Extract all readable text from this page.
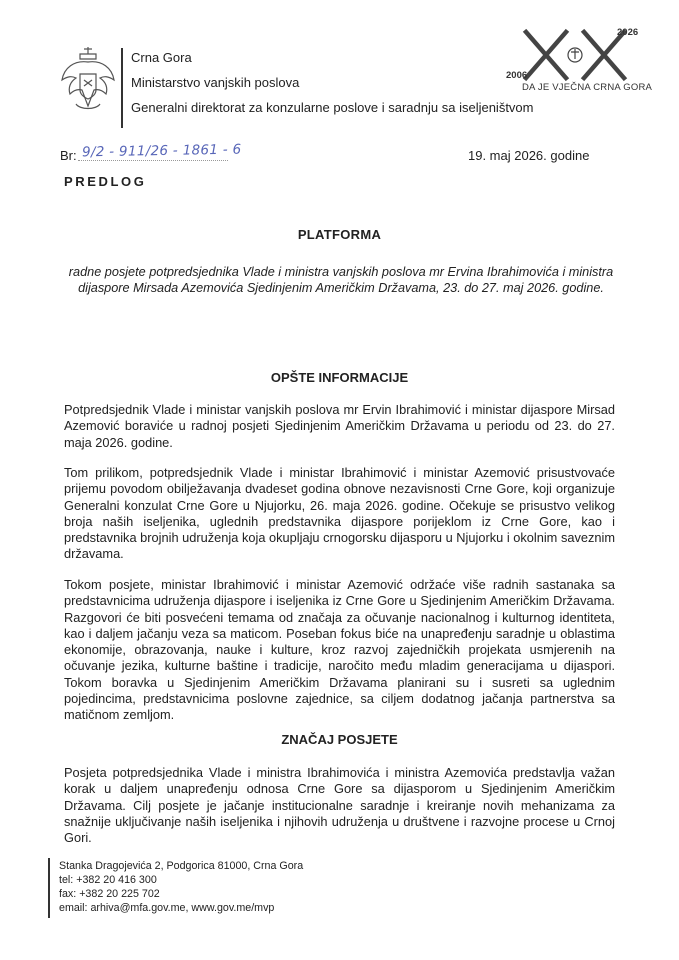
Crna Gora
Ministarstvo vanjskih poslova
Generalni direktorat za konzularne poslove i saradnju sa iseljeništvom
2026
2006
DA JE VJEČNA CRNA GORA
Br: 9/2 - 911/26 - 1861 - 6	19. maj 2026. godine
PREDLOG
PLATFORMA
radne posjete potpredsjednika Vlade i ministra vanjskih poslova mr Ervina Ibrahimovića i ministra dijaspore Mirsada Azemovića Sjedinjenim Američkim Državama, 23. do 27. maj 2026. godine.
OPŠTE INFORMACIJE
Potpredsjednik Vlade i ministar vanjskih poslova mr Ervin Ibrahimović i ministar dijaspore Mirsad Azemović boraviće u radnoj posjeti Sjedinjenim Američkim Državama u periodu od 23. do 27. maja 2026. godine.
Tom prilikom, potpredsjednik Vlade i ministar Ibrahimović i ministar Azemović prisustvovaće prijemu povodom obilježavanja dvadeset godina obnove nezavisnosti Crne Gore, koji organizuje Generalni konzulat Crne Gore u Njujorku, 26. maja 2026. godine. Očekuje se prisustvo velikog broja naših iseljenika, uglednih predstavnika dijaspore porijeklom iz Crne Gore, kao i predstavnika brojnih udruženja koja okupljaju crnogorsku dijasporu u Njujorku i okolnim saveznim državama.
Tokom posjete, ministar Ibrahimović i ministar Azemović održaće više radnih sastanaka sa predstavnicima udruženja dijaspore i iseljenika iz Crne Gore u Sjedinjenim Američkim Državama. Razgovori će biti posvećeni temama od značaja za očuvanje nacionalnog i kulturnog identiteta, kao i daljem jačanju veza sa maticom. Poseban fokus biće na unapređenju saradnje u oblastima ekonomije, obrazovanja, nauke i kulture, kroz razvoj zajedničkih projekata usmjerenih na očuvanje jezika, kulturne baštine i tradicije, naročito među mladim generacijama u dijaspori. Tokom boravka u Sjedinjenim Američkim Državama planirani su i susreti sa uglednim pojedincima, predstavnicima poslovne zajednice, sa ciljem dodatnog jačanja partnerstva sa matičnom zemljom.
ZNAČAJ POSJETE
Posjeta potpredsjednika Vlade i ministra Ibrahimovića i ministra Azemovića predstavlja važan korak u daljem unapređenju odnosa Crne Gore sa dijasporom u Sjedinjenim Američkim Državama. Cilj posjete je jačanje institucionalne saradnje i kreiranje novih mehanizama za snažnije uključivanje naših iseljenika i njihovih udruženja u društvene i razvojne procese u Crnoj Gori.
Stanka Dragojevića 2, Podgorica 81000, Crna Gora
tel: +382 20 416 300
fax: +382 20 225 702
email: arhiva@mfa.gov.me, www.gov.me/mvp
